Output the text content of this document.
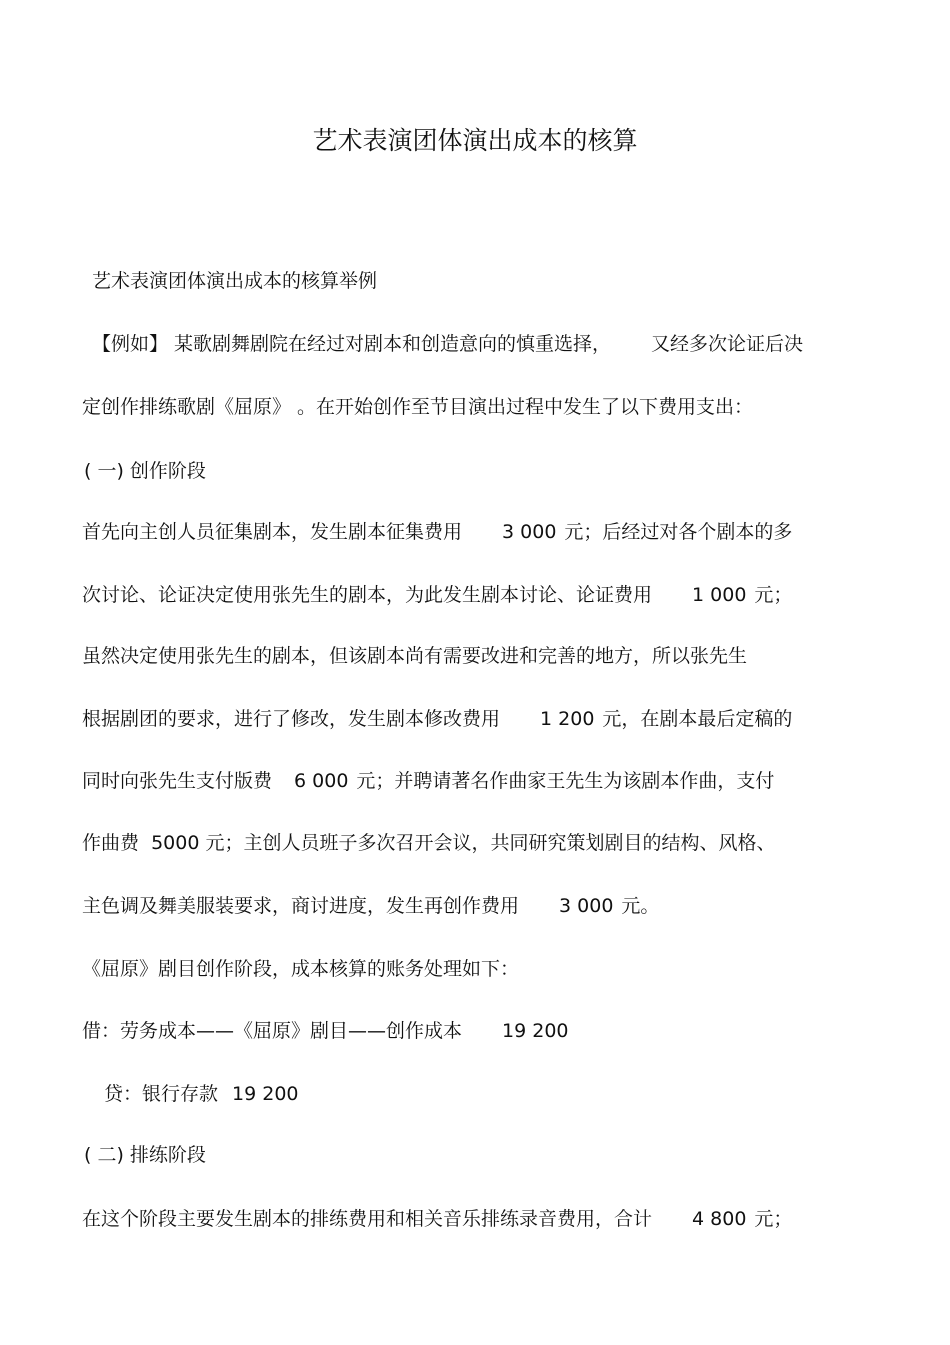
艺术表演团体演出成本的核算
艺术表演团体演出成本的核算举例
【例如】 某歌剧舞剧院在经过对剧本和创造意向的慎重选择， 又经多次论证后决
定创作排练歌剧《屈原》 。在开始创作至节目演出过程中发生了以下费用支出：
( 一) 创作阶段
首先向主创人员征集剧本，发生剧本征集费用 3 000 元；后经过对各个剧本的多
次讨论、论证决定使用张先生的剧本，为此发生剧本讨论、论证费用 1 000 元；
虽然决定使用张先生的剧本，但该剧本尚有需要改进和完善的地方，所以张先生
根据剧团的要求，进行了修改，发生剧本修改费用 1 200 元，在剧本最后定稿的
同时向张先生支付版费 6 000 元；并聘请著名作曲家王先生为该剧本作曲，支付
作曲费  5000 元；主创人员班子多次召开会议，共同研究策划剧目的结构、风格、
主色调及舞美服装要求，商讨进度，发生再创作费用 3 000 元。
《屈原》剧目创作阶段，成本核算的账务处理如下：
借：劳务成本——《屈原》剧目——创作成本 19 200
贷：银行存款 19 200
( 二) 排练阶段
在这个阶段主要发生剧本的排练费用和相关音乐排练录音费用，合计 4 800 元；
